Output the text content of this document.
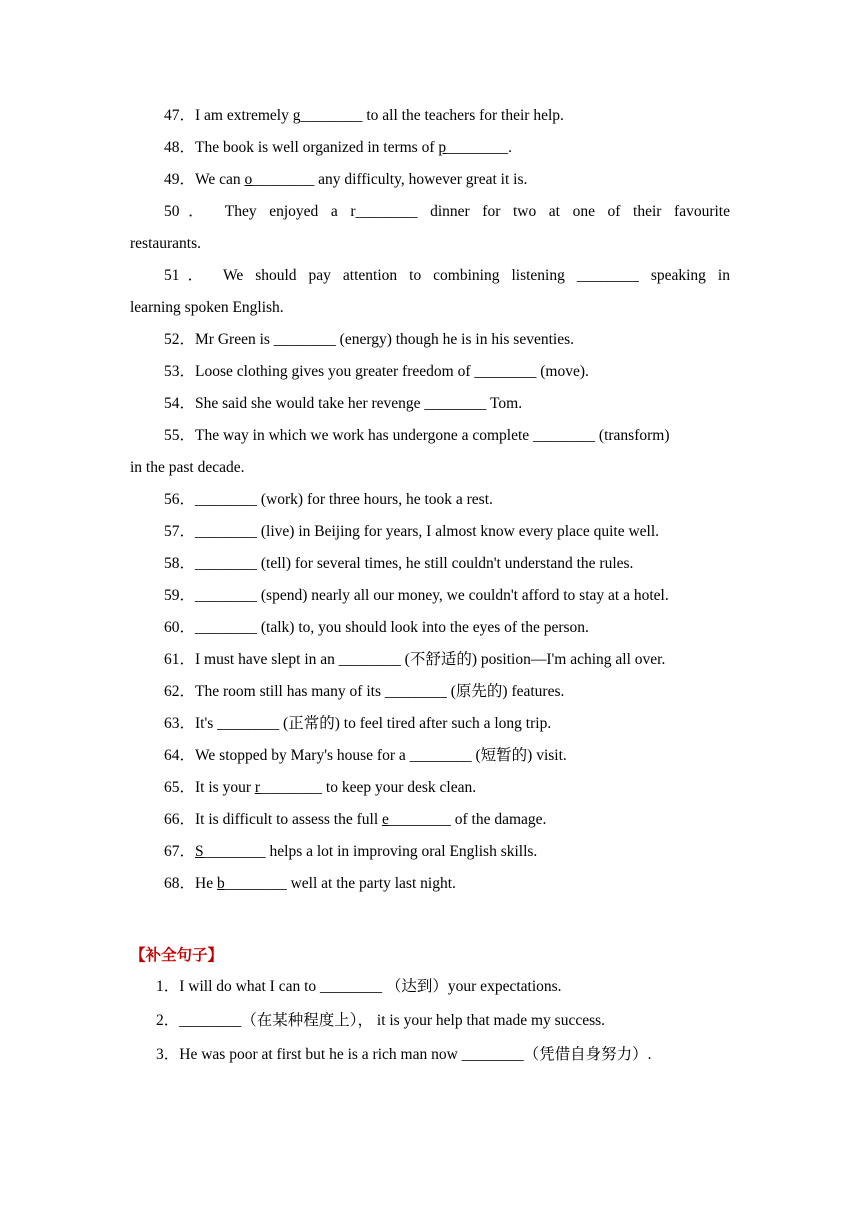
47．I am extremely g________ to all the teachers for their help.
48．The book is well organized in terms of p________.
49．We can o________ any difficulty, however great it is.
50． They enjoyed a r________ dinner for two at one of their favourite
restaurants.
51． We should pay attention to combining listening ________ speaking in
learning spoken English.
52．Mr Green is ________ (energy) though he is in his seventies.
53．Loose clothing gives you greater freedom of ________ (move).
54．She said she would take her revenge ________ Tom.
55．The way in which we work has undergone a complete ________ (transform)
in the past decade.
56．________ (work) for three hours, he took a rest.
57．________ (live) in Beijing for years, I almost know every place quite well.
58．________ (tell) for several times, he still couldn't understand the rules.
59．________ (spend) nearly all our money, we couldn't afford to stay at a hotel.
60．________ (talk) to, you should look into the eyes of the person.
61．I must have slept in an ________ (不舒适的) position—I'm aching all over.
62．The room still has many of its ________ (原先的) features.
63．It's ________ (正常的) to feel tired after such a long trip.
64．We stopped by Mary's house for a ________ (短暂的) visit.
65．It is your r________ to keep your desk clean.
66．It is difficult to assess the full e________ of the damage.
67．S________ helps a lot in improving oral English skills.
68．He b________ well at the party last night.
【补全句子】
1．I will do what I can to ________ （达到）your expectations.
2．________（在某种程度上）， it is your help that made my success.
3．He was poor at first but he is a rich man now ________（凭借自身努力）.
